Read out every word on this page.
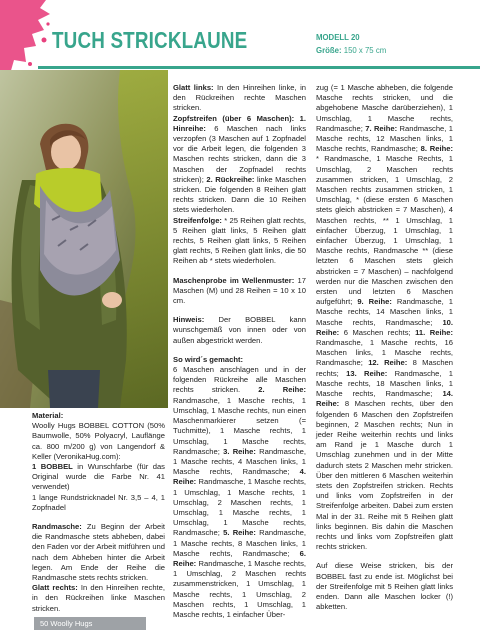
TUCH STRICKLAUNE	MODELL 20
Größe: 150 x 75 cm

Material:
Woolly Hugs BOBBEL COTTON (50% Baumwolle, 50% Polyacryl, Lauflänge ca. 800 m/200 g) von Langendorf & Keller (VeronikaHug.com):
1 BOBBEL in Wunschfarbe (für das Original wurde die Farbe Nr. 41 verwendet)
1 lange Rundstricknadel Nr. 3,5 – 4, 1 Zopfnadel

Randmasche: Zu Beginn der Arbeit die Randmasche stets abheben, dabei den Faden vor der Arbeit mitführen und nach dem Abheben hinter die Arbeit legen. Am Ende der Reihe die Randmasche stets rechts stricken.
Glatt rechts: In den Hinreihen rechte, in den Rückreihen linke Maschen stricken.

Glatt links: In den Hinreihen linke, in den Rückreihen rechte Maschen stricken.
Zopfstreifen (über 6 Maschen): 1. Hinreihe: 6 Maschen nach links verzopfen (3 Maschen auf 1 Zopfnadel vor die Arbeit legen, die folgenden 3 Maschen rechts stricken, dann die 3 Maschen der Zopfnadel rechts stricken); 2. Rückreihe: linke Maschen stricken. Die folgenden 8 Reihen glatt rechts stricken. Dann die 10 Reihen stets wiederholen.
Streifenfolge: * 25 Reihen glatt rechts, 5 Reihen glatt links, 5 Reihen glatt rechts, 5 Reihen glatt links, 5 Reihen glatt rechts, 5 Reihen glatt links, die 50 Reihen ab * stets wiederholen.

Maschenprobe im Wellenmuster: 17 Maschen (M) und 28 Reihen = 10 x 10 cm.

Hinweis: Der BOBBEL kann wunschgemäß von innen oder von außen abgestrickt werden.

So wird´s gemacht:
6 Maschen anschlagen und in der folgenden Rückreihe alle Maschen rechts stricken. 2. Reihe: Randmasche, 1 Masche rechts, 1 Umschlag, 1 Masche rechts, nun einen Maschenmarkierer setzen (= Tuchmitte), 1 Masche rechts, 1 Umschlag, 1 Masche rechts, Randmasche; 3. Reihe: Randmasche, 1 Masche rechts, 4 Maschen links, 1 Masche rechts, Randmasche; 4. Reihe: Randmasche, 1 Masche rechts, 1 Umschlag, 1 Masche rechts, 1 Umschlag, 2 Maschen rechts, 1 Umschlag, 1 Masche rechts, 1 Umschlag, 1 Masche rechts, Randmasche; 5. Reihe: Randmasche, 1 Masche rechts, 8 Maschen links, 1 Masche rechts, Randmasche; 6. Reihe: Randmasche, 1 Masche rechts, 1 Umschlag, 2 Maschen rechts zusammenstricken, 1 Umschlag, 1 Masche rechts, 1 Umschlag, 2 Maschen rechts, 1 Umschlag, 1 Masche rechts, 1 einfacher Über-

zug (= 1 Masche abheben, die folgende Masche rechts stricken, und die abgehobene Masche darüberziehen), 1 Umschlag, 1 Masche rechts, Randmasche; 7. Reihe: Randmasche, 1 Masche rechts, 12 Maschen links, 1 Masche rechts, Randmasche; 8. Reihe: * Randmasche, 1 Masche Rechts, 1 Umschlag, 2 Maschen rechts zusammen stricken, 1 Umschlag, 2 Maschen rechts zusammen stricken, 1 Umschlag, * (diese ersten 6 Maschen stets gleich abstricken = 7 Maschen), 4 Maschen rechts, ** 1 Umschlag, 1 einfacher Überzug, 1 Umschlag, 1 einfacher Überzug, 1 Umschlag, 1 Masche rechts, Randmasche ** (diese letzten 6 Maschen stets gleich abstricken = 7 Maschen) – nachfolgend werden nur die Maschen zwischen den ersten und letzten 6 Maschen aufgeführt; 9. Reihe: Randmasche, 1 Masche rechts, 14 Maschen links, 1 Masche rechts, Randmasche; 10. Reihe: 6 Maschen rechts; 11. Reihe: Randmasche, 1 Masche rechts, 16 Maschen links, 1 Masche rechts, Randmasche; 12. Reihe: 8 Maschen rechts; 13. Reihe: Randmasche, 1 Masche rechts, 18 Maschen links, 1 Masche rechts, Randmasche; 14. Reihe: 8 Maschen rechts, über den folgenden 6 Maschen den Zopfstreifen beginnen, 2 Maschen rechts; Nun in jeder Reihe weiterhin rechts und links am Rand je 1 Masche durch 1 Umschlag zunehmen und in der Mitte dadurch stets 2 Maschen mehr stricken. Über den mittleren 6 Maschen weiterhin stets den Zopfstreifen stricken. Rechts und links vom Zopfstreifen in der Streifenfolge arbeiten. Dabei zum ersten Mal in der 31. Reihe mit 5 Reihen glatt links beginnen. Bis dahin die Maschen rechts und links vom Zopfstreifen glatt rechts stricken.

Auf diese Weise stricken, bis der BOBBEL fast zu ende ist. Möglichst bei der Streifenfolge mit 5 Reihen glatt links enden. Dann alle Maschen locker (!) abketten.

50 Woolly Hugs
